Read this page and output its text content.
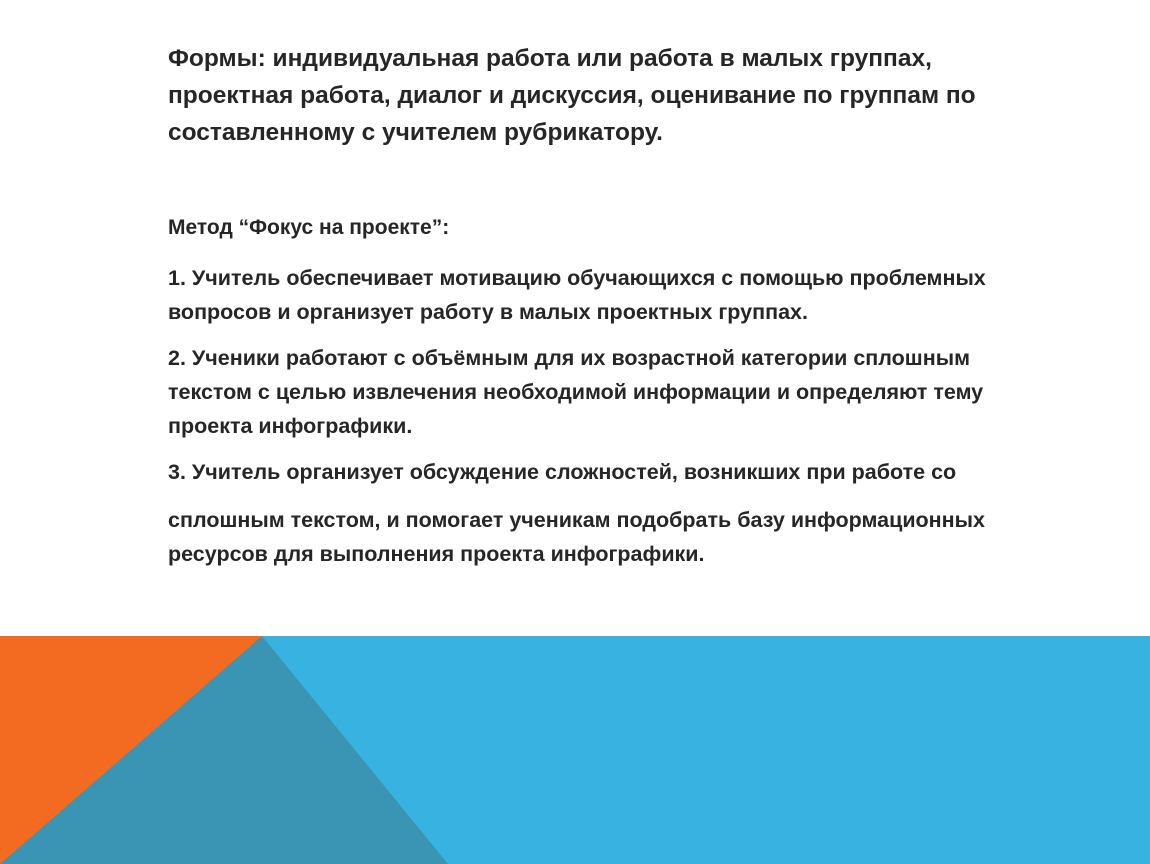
Формы: индивидуальная работа или работа в малых группах, проектная работа, диалог и дискуссия, оценивание по группам по составленному с учителем рубрикатору.

Метод “Фокус на проекте”:

1. Учитель обеспечивает мотивацию обучающихся с помощью проблемных вопросов и организует работу в малых проектных группах.

2. Ученики работают с объёмным для их возрастной категории сплошным текстом с целью извлечения необходимой информации и определяют тему проекта инфографики.

3. Учитель организует обсуждение сложностей, возникших при работе со

сплошным текстом, и помогает ученикам подобрать базу информационных ресурсов для выполнения проекта инфографики.
